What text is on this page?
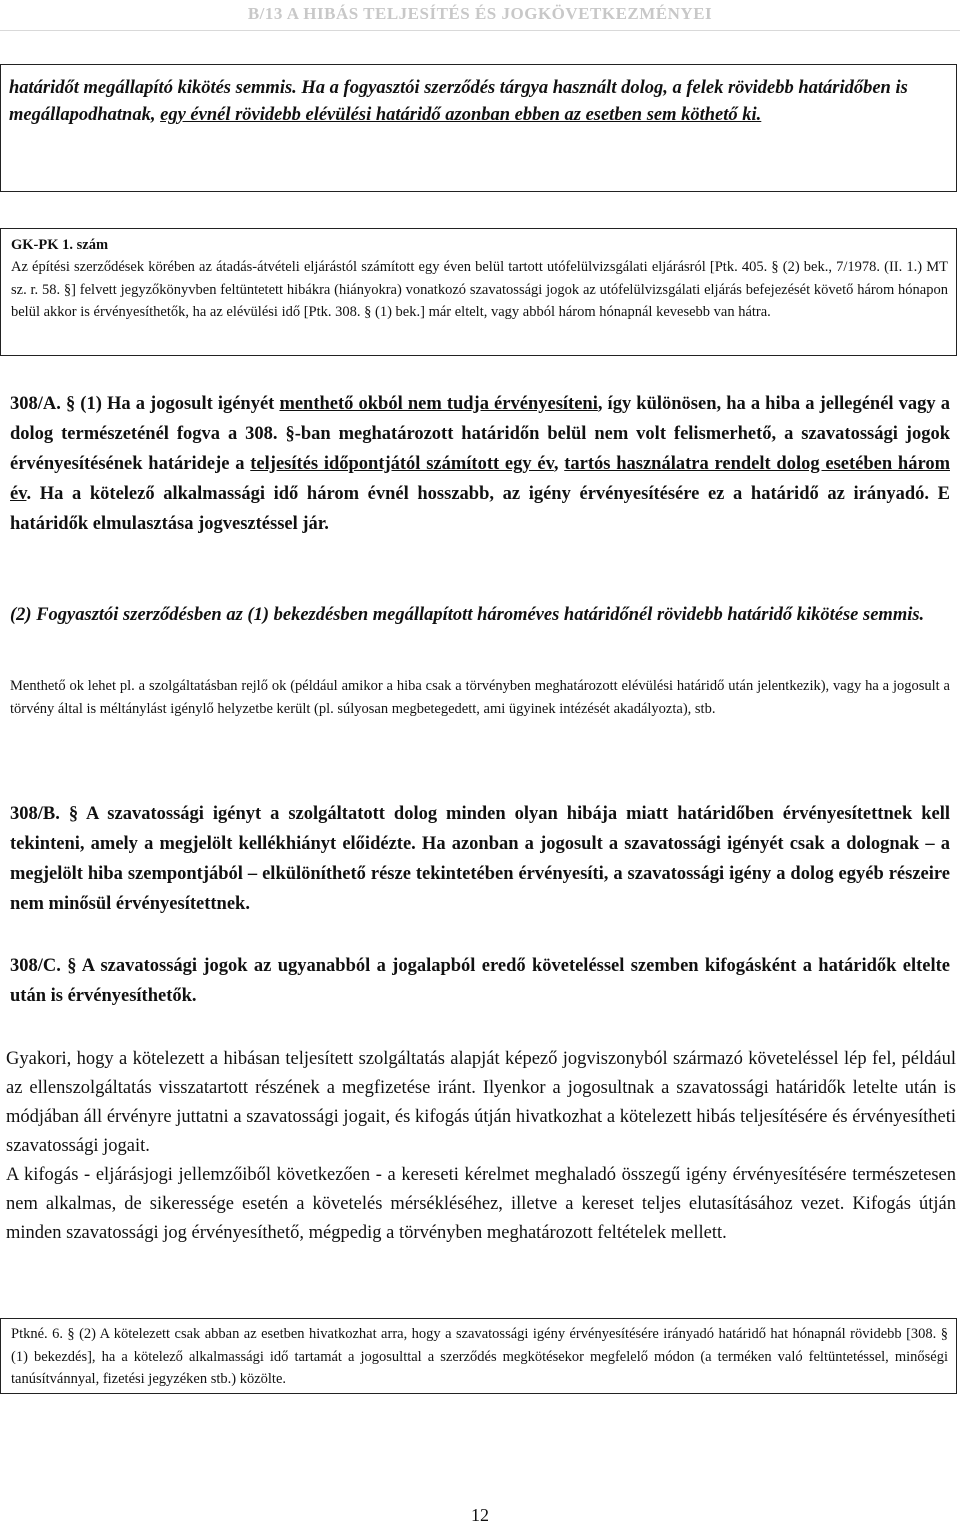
B/13 A HIBÁS TELJESÍTÉS ÉS JOGKÖVETKEZMÉNYEI

határidőt megállapító kikötés semmis. Ha a fogyasztói szerződés tárgya használt dolog, a felek rövidebb határidőben is megállapodhatnak, egy évnél rövidebb elévülési határidő azonban ebben az esetben sem köthető ki.

GK-PK 1. szám

Az építési szerződések körében az átadás-átvételi eljárástól számított egy éven belül tartott utófelülvizsgálati eljárásról [Ptk. 405. § (2) bek., 7/1978. (II. 1.) MT sz. r. 58. §] felvett jegyzőkönyvben feltüntetett hibákra (hiányokra) vonatkozó szavatossági jogok az utófelülvizsgálati eljárás befejezését követő három hónapon belül akkor is érvényesíthetők, ha az elévülési idő [Ptk. 308. § (1) bek.] már eltelt, vagy abból három hónapnál kevesebb van hátra.

308/A. § (1) Ha a jogosult igényét menthető okból nem tudja érvényesíteni, így különösen, ha a hiba a jellegénél vagy a dolog természeténél fogva a 308. §-ban meghatározott határidőn belül nem volt felismerhető, a szavatossági jogok érvényesítésének határideje a teljesítés időpontjától számított egy év, tartós használatra rendelt dolog esetében három év. Ha a kötelező alkalmassági idő három évnél hosszabb, az igény érvényesítésére ez a határidő az irányadó. E határidők elmulasztása jogvesztéssel jár.

(2) Fogyasztói szerződésben az (1) bekezdésben megállapított hároméves határidőnél rövidebb határidő kikötése semmis.

Menthető ok lehet pl. a szolgáltatásban rejlő ok (például amikor a hiba csak a törvényben meghatározott elévülési határidő után jelentkezik), vagy ha a jogosult a törvény által is méltánylást igénylő helyzetbe került (pl. súlyosan megbetegedett, ami ügyinek intézését akadályozta), stb.

308/B. § A szavatossági igényt a szolgáltatott dolog minden olyan hibája miatt határidőben érvényesítettnek kell tekinteni, amely a megjelölt kellékhiányt előidézte. Ha azonban a jogosult a szavatossági igényét csak a dolognak – a megjelölt hiba szempontjából – elkülöníthető része tekintetében érvényesíti, a szavatossági igény a dolog egyéb részeire nem minősül érvényesítettnek.

308/C. § A szavatossági jogok az ugyanabból a jogalapból eredő követeléssel szemben kifogásként a határidők eltelte után is érvényesíthetők.

Gyakori, hogy a kötelezett a hibásan teljesített szolgáltatás alapját képező jogviszonyból származó követeléssel lép fel, például az ellenszolgáltatás visszatartott részének a megfizetése iránt. Ilyenkor a jogosultnak a szavatossági határidők letelte után is módjában áll érvényre juttatni a szavatossági jogait, és kifogás útján hivatkozhat a kötelezett hibás teljesítésére és érvényesítheti szavatossági jogait.

A kifogás - eljárásjogi jellemzőiből következően - a kereseti kérelmet meghaladó összegű igény érvényesítésére természetesen nem alkalmas, de sikeressége esetén a követelés mérsékléséhez, illetve a kereset teljes elutasításához vezet. Kifogás útján minden szavatossági jog érvényesíthető, mégpedig a törvényben meghatározott feltételek mellett.

Ptkné. 6. § (2) A kötelezett csak abban az esetben hivatkozhat arra, hogy a szavatossági igény érvényesítésére irányadó határidő hat hónapnál rövidebb [308. § (1) bekezdés], ha a kötelező alkalmassági idő tartamát a jogosulttal a szerződés megkötésekor megfelelő módon (a terméken való feltüntetéssel, minőségi tanúsítvánnyal, fizetési jegyzéken stb.) közölte.

12
